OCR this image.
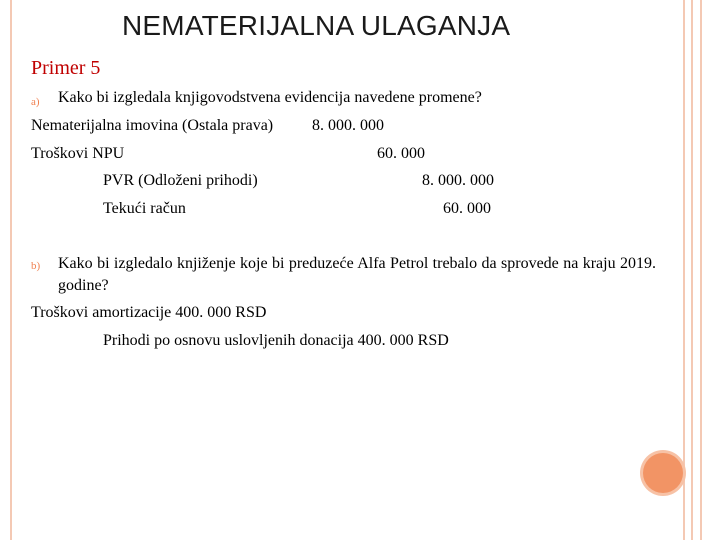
NEMATERIJALNA ULAGANJA
Primer 5
a) Kako bi izgledala knjigovodstvena evidencija navedene promene?
Nematerijalna imovina (Ostala prava) 8. 000. 000
Troškovi NPU	60. 000
PVR (Odloženi prihodi)	8. 000. 000
Tekući račun	60. 000
b) Kako bi izgledalo knjiženje koje bi preduzeće Alfa Petrol trebalo da sprovede na kraju 2019. godine?
Troškovi amortizacije 400. 000 RSD
Prihodi po osnovu uslovljenih donacija 400. 000 RSD
